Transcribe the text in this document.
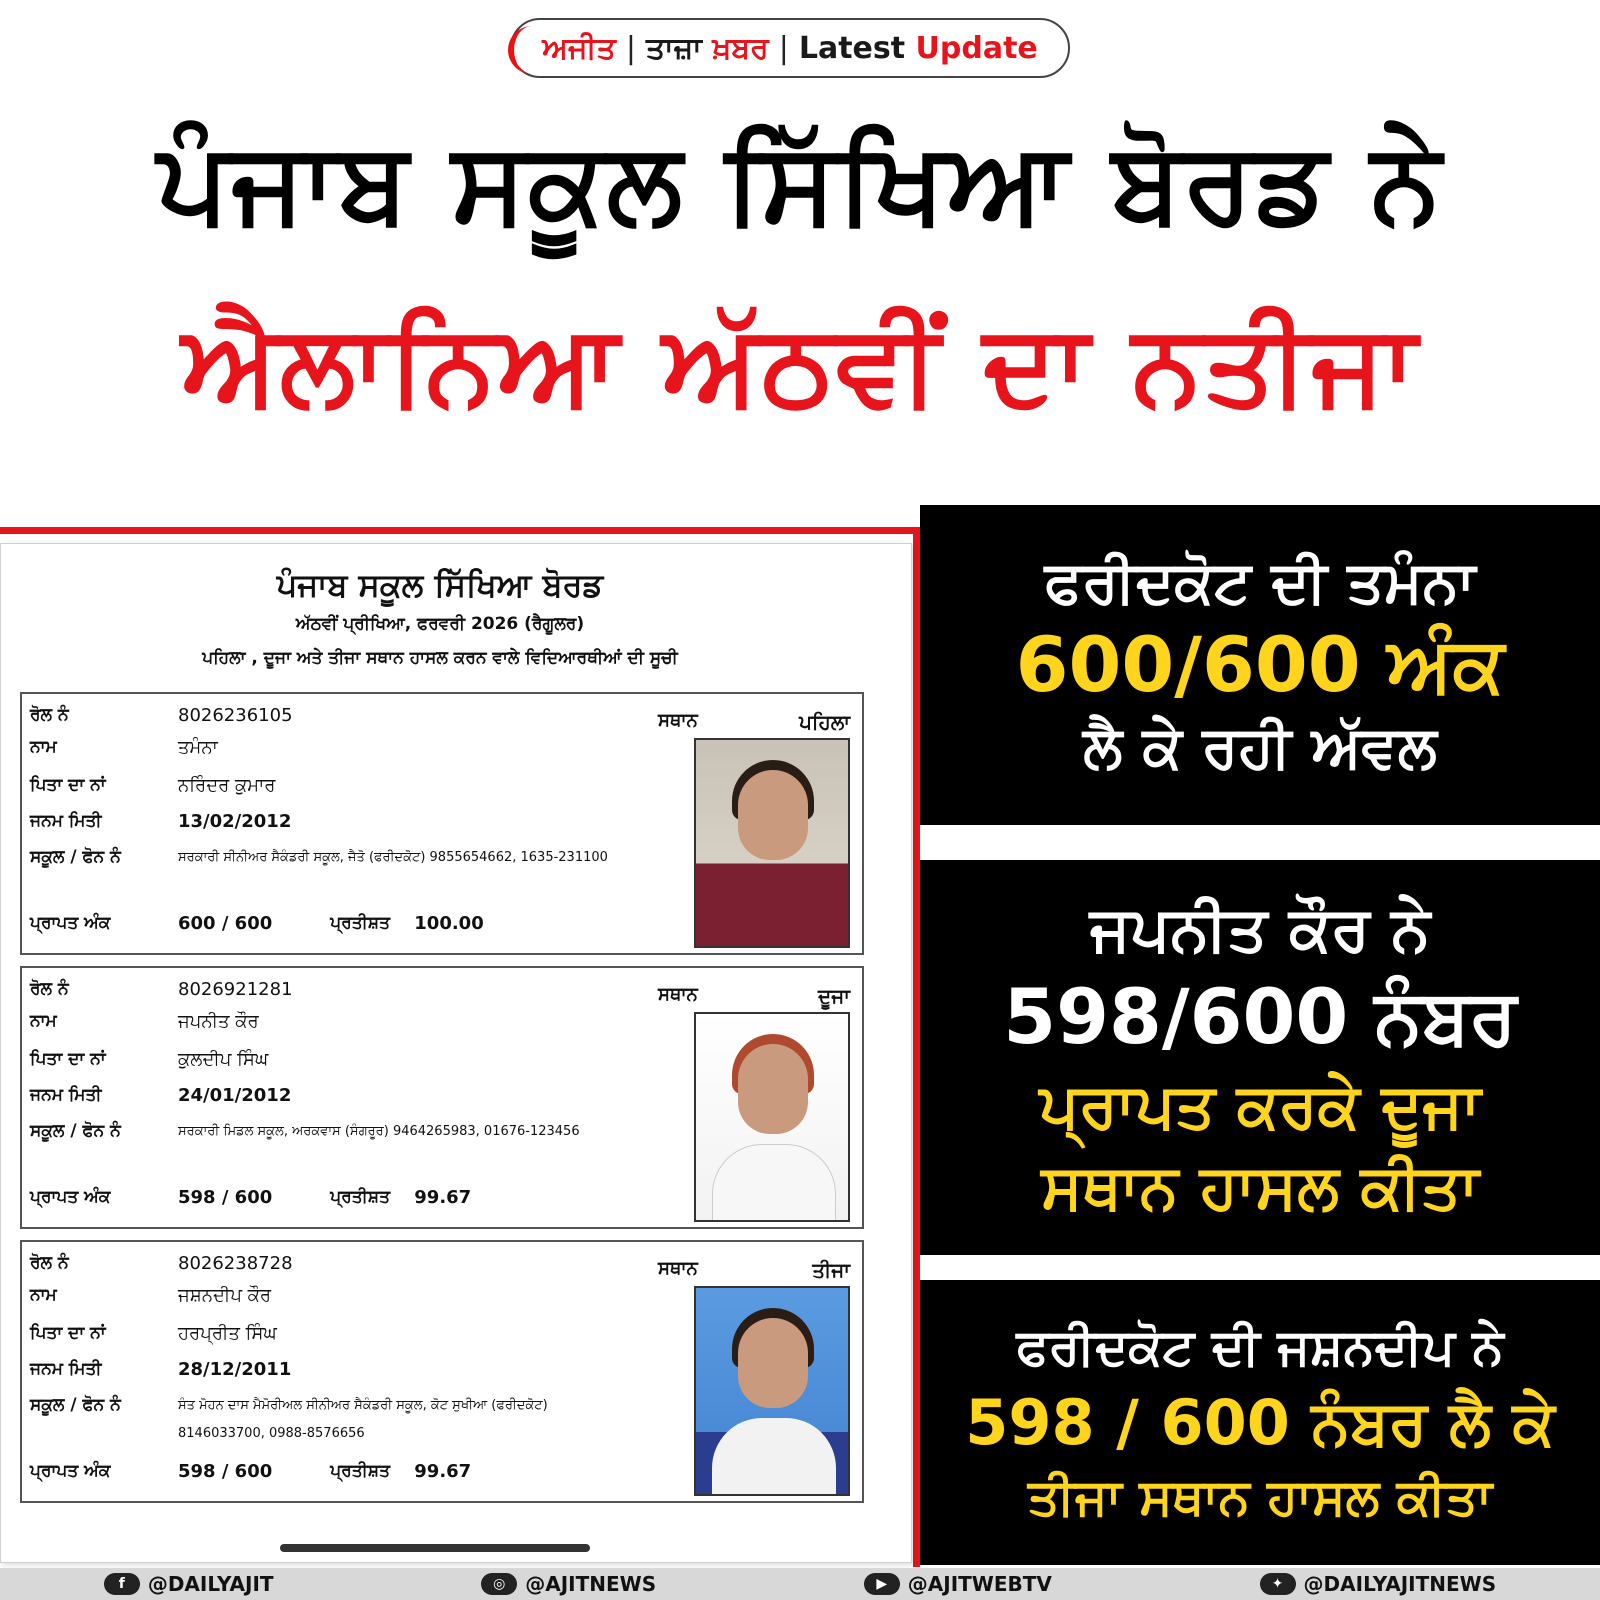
ਅਜੀਤ | ਤਾਜ਼ਾ ਖ਼ਬਰ | Latest Update
ਪੰਜਾਬ ਸਕੂਲ ਸਿੱਖਿਆ ਬੋਰਡ ਨੇ
ਐਲਾਨਿਆ ਅੱਠਵੀਂ ਦਾ ਨਤੀਜਾ
ਪੰਜਾਬ ਸਕੂਲ ਸਿੱਖਿਆ ਬੋਰਡ
ਅੱਠਵੀਂ ਪ੍ਰੀਖਿਆ, ਫਰਵਰੀ 2026 (ਰੈਗੂਲਰ)
ਪਹਿਲਾ , ਦੂਜਾ ਅਤੇ ਤੀਜਾ ਸਥਾਨ ਹਾਸਲ ਕਰਨ ਵਾਲੇ ਵਿਦਿਆਰਥੀਆਂ ਦੀ ਸੂਚੀ
ਰੋਲ ਨੰ	8026236105
ਨਾਮ	ਤਮੰਨਾ
ਪਿਤਾ ਦਾ ਨਾਂ	ਨਰਿੰਦਰ ਕੁਮਾਰ
ਜਨਮ ਮਿਤੀ	13/02/2012
ਸਕੂਲ / ਫੋਨ ਨੰ	ਸਰਕਾਰੀ ਸੀਨੀਅਰ ਸੈਕੰਡਰੀ ਸਕੂਲ, ਜੈਤੋ (ਫਰੀਦਕੋਟ) 9855654662, 1635-231100
ਪ੍ਰਾਪਤ ਅੰਕ	600 / 600	ਪ੍ਰਤੀਸ਼ਤ	100.00
ਸਥਾਨ	ਪਹਿਲਾ
ਰੋਲ ਨੰ	8026921281
ਨਾਮ	ਜਪਨੀਤ ਕੌਰ
ਪਿਤਾ ਦਾ ਨਾਂ	ਕੁਲਦੀਪ ਸਿੰਘ
ਜਨਮ ਮਿਤੀ	24/01/2012
ਸਕੂਲ / ਫੋਨ ਨੰ	ਸਰਕਾਰੀ ਮਿਡਲ ਸਕੂਲ, ਅਰਕਵਾਸ (ਸੰਗਰੂਰ) 9464265983, 01676-123456
ਪ੍ਰਾਪਤ ਅੰਕ	598 / 600	ਪ੍ਰਤੀਸ਼ਤ	99.67
ਸਥਾਨ	ਦੂਜਾ
ਰੋਲ ਨੰ	8026238728
ਨਾਮ	ਜਸ਼ਨਦੀਪ ਕੌਰ
ਪਿਤਾ ਦਾ ਨਾਂ	ਹਰਪ੍ਰੀਤ ਸਿੰਘ
ਜਨਮ ਮਿਤੀ	28/12/2011
ਸਕੂਲ / ਫੋਨ ਨੰ	ਸੰਤ ਮੋਹਨ ਦਾਸ ਮੈਮੋਰੀਅਲ ਸੀਨੀਅਰ ਸੈਕੰਡਰੀ ਸਕੂਲ, ਕੋਟ ਸੁਖੀਆ (ਫਰੀਦਕੋਟ)
8146033700, 0988-8576656
ਪ੍ਰਾਪਤ ਅੰਕ	598 / 600	ਪ੍ਰਤੀਸ਼ਤ	99.67
ਸਥਾਨ	ਤੀਜਾ
ਫਰੀਦਕੋਟ ਦੀ ਤਮੰਨਾ
600/600 ਅੰਕ
ਲੈ ਕੇ ਰਹੀ ਅੱਵਲ
ਜਪਨੀਤ ਕੌਰ ਨੇ
598/600 ਨੰਬਰ
ਪ੍ਰਾਪਤ ਕਰਕੇ ਦੂਜਾ
ਸਥਾਨ ਹਾਸਲ ਕੀਤਾ
ਫਰੀਦਕੋਟ ਦੀ ਜਸ਼ਨਦੀਪ ਨੇ
598 / 600 ਨੰਬਰ ਲੈ ਕੇ
ਤੀਜਾ ਸਥਾਨ ਹਾਸਲ ਕੀਤਾ
f	@DAILYAJIT	◎ @AJITNEWS	▶	@AJITWEBTV	✦	@DAILYAJITNEWS
